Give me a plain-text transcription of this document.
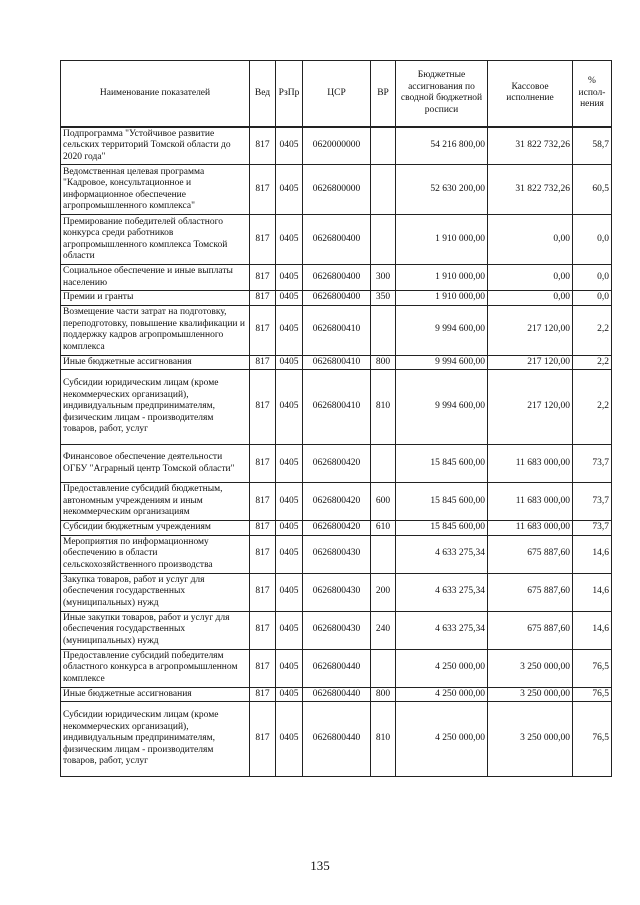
Наименование показателей	Вед	РзПр	ЦСР	ВР	Бюджетные ассигнования по сводной бюджетной росписи	Кассовое исполнение	% испол-нения
Подпрограмма "Устойчивое развитие сельских территорий Томской области до 2020 года"	817	0405	0620000000		54 216 800,00	31 822 732,26	58,7
Ведомственная целевая программа "Кадровое, консультационное и информационное обеспечение агропромышленного комплекса"	817	0405	0626800000		52 630 200,00	31 822 732,26	60,5
Премирование победителей областного конкурса среди работников агропромышленного комплекса Томской области	817	0405	0626800400		1 910 000,00	0,00	0,0
Социальное обеспечение и иные выплаты населению	817	0405	0626800400	300	1 910 000,00	0,00	0,0
Премии и гранты	817	0405	0626800400	350	1 910 000,00	0,00	0,0
Возмещение части затрат на подготовку, переподготовку, повышение квалификации и поддержку кадров агропромышленного комплекса	817	0405	0626800410		9 994 600,00	217 120,00	2,2
Иные бюджетные ассигнования	817	0405	0626800410	800	9 994 600,00	217 120,00	2,2
Субсидии юридическим лицам (кроме некоммерческих организаций), индивидуальным предпринимателям, физическим лицам - производителям товаров, работ, услуг	817	0405	0626800410	810	9 994 600,00	217 120,00	2,2
Финансовое обеспечение деятельности ОГБУ "Аграрный центр Томской области"	817	0405	0626800420		15 845 600,00	11 683 000,00	73,7
Предоставление субсидий бюджетным, автономным учреждениям и иным некоммерческим организациям	817	0405	0626800420	600	15 845 600,00	11 683 000,00	73,7
Субсидии бюджетным учреждениям	817	0405	0626800420	610	15 845 600,00	11 683 000,00	73,7
Мероприятия по информационному обеспечению в области сельскохозяйственного производства	817	0405	0626800430		4 633 275,34	675 887,60	14,6
Закупка товаров, работ и услуг для обеспечения государственных (муниципальных) нужд	817	0405	0626800430	200	4 633 275,34	675 887,60	14,6
Иные закупки товаров, работ и услуг для обеспечения государственных (муниципальных) нужд	817	0405	0626800430	240	4 633 275,34	675 887,60	14,6
Предоставление субсидий победителям областного конкурса в агропромышленном комплексе	817	0405	0626800440		4 250 000,00	3 250 000,00	76,5
Иные бюджетные ассигнования	817	0405	0626800440	800	4 250 000,00	3 250 000,00	76,5
Субсидии юридическим лицам (кроме некоммерческих организаций), индивидуальным предпринимателям, физическим лицам - производителям товаров, работ, услуг	817	0405	0626800440	810	4 250 000,00	3 250 000,00	76,5
135
